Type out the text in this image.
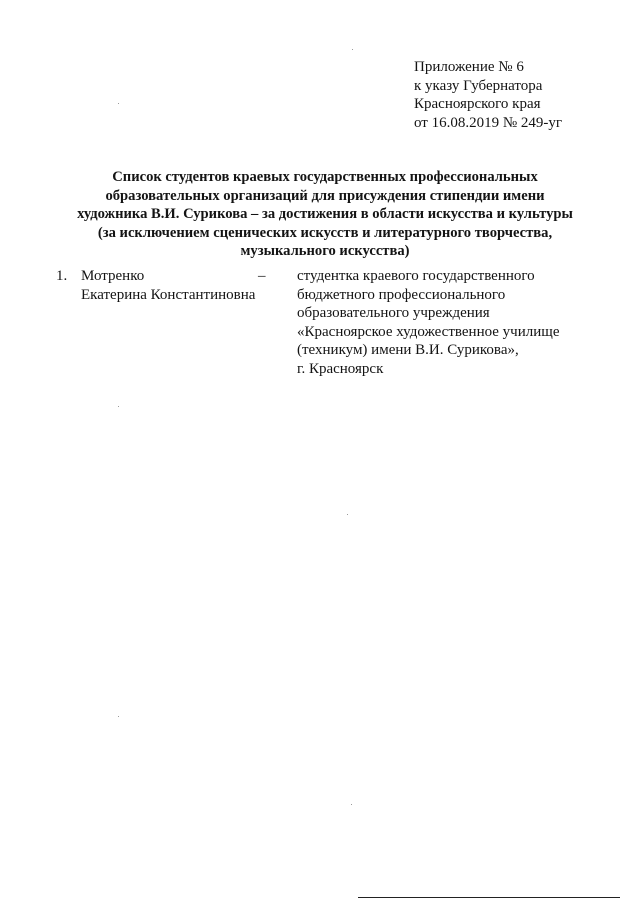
Приложение № 6
к указу Губернатора
Красноярского края
от 16.08.2019 № 249-уг
Список студентов краевых государственных профессиональных
образовательных организаций для присуждения стипендии имени
художника В.И. Сурикова – за достижения в области искусства и культуры
(за исключением сценических искусств и литературного творчества,
музыкального искусства)
1. Мотренко
Екатерина Константиновна
– студентка краевого государственного
бюджетного профессионального
образовательного учреждения
«Красноярское художественное училище
(техникум) имени В.И. Сурикова»,
г. Красноярск
